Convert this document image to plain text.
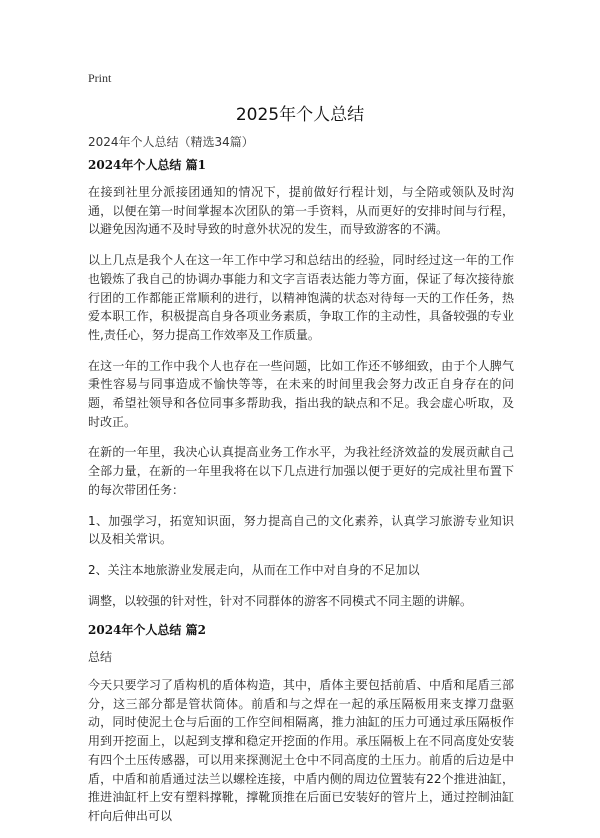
Print
2025年个人总结
2024年个人总结（精选34篇）
2024年个人总结 篇1

在接到社里分派接团通知的情况下，提前做好行程计划，与全陪或领队及时沟通，以便在第一时间掌握本次团队的第一手资料，从而更好的安排时间与行程，以避免因沟通不及时导致的时意外状况的发生，而导致游客的不满。

以上几点是我个人在这一年工作中学习和总结出的经验，同时经过这一年的工作也锻炼了我自己的协调办事能力和文字言语表达能力等方面，保证了每次接待旅行团的工作都能正常顺利的进行，以精神饱满的状态对待每一天的工作任务，热爱本职工作，积极提高自身各项业务素质，争取工作的主动性，具备较强的专业性,责任心，努力提高工作效率及工作质量。

在这一年的工作中我个人也存在一些问题，比如工作还不够细致，由于个人脾气秉性容易与同事造成不愉快等等，在未来的时间里我会努力改正自身存在的问题，希望社领导和各位同事多帮助我，指出我的缺点和不足。我会虚心听取，及时改正。

在新的一年里，我决心认真提高业务工作水平，为我社经济效益的发展贡献自己全部力量，在新的一年里我将在以下几点进行加强以便于更好的完成社里布置下的每次带团任务：

1、加强学习，拓宽知识面，努力提高自己的文化素养，认真学习旅游专业知识以及相关常识。

2、关注本地旅游业发展走向，从而在工作中对自身的不足加以

调整，以较强的针对性，针对不同群体的游客不同模式不同主题的讲解。

2024年个人总结 篇2

总结

今天只要学习了盾构机的盾体构造，其中，盾体主要包括前盾、中盾和尾盾三部分，这三部分都是管状筒体。前盾和与之焊在一起的承压隔板用来支撑刀盘驱动，同时使泥土仓与后面的工作空间相隔离，推力油缸的压力可通过承压隔板作用到开挖面上，以起到支撑和稳定开挖面的作用。承压隔板上在不同高度处安装有四个土压传感器，可以用来探测泥土仓中不同高度的土压力。前盾的后边是中盾，中盾和前盾通过法兰以螺栓连接，中盾内侧的周边位置装有22个推进油缸，推进油缸杆上安有塑料撑靴，撑靴顶推在后面已安装好的管片上，通过控制油缸杆向后伸出可以
